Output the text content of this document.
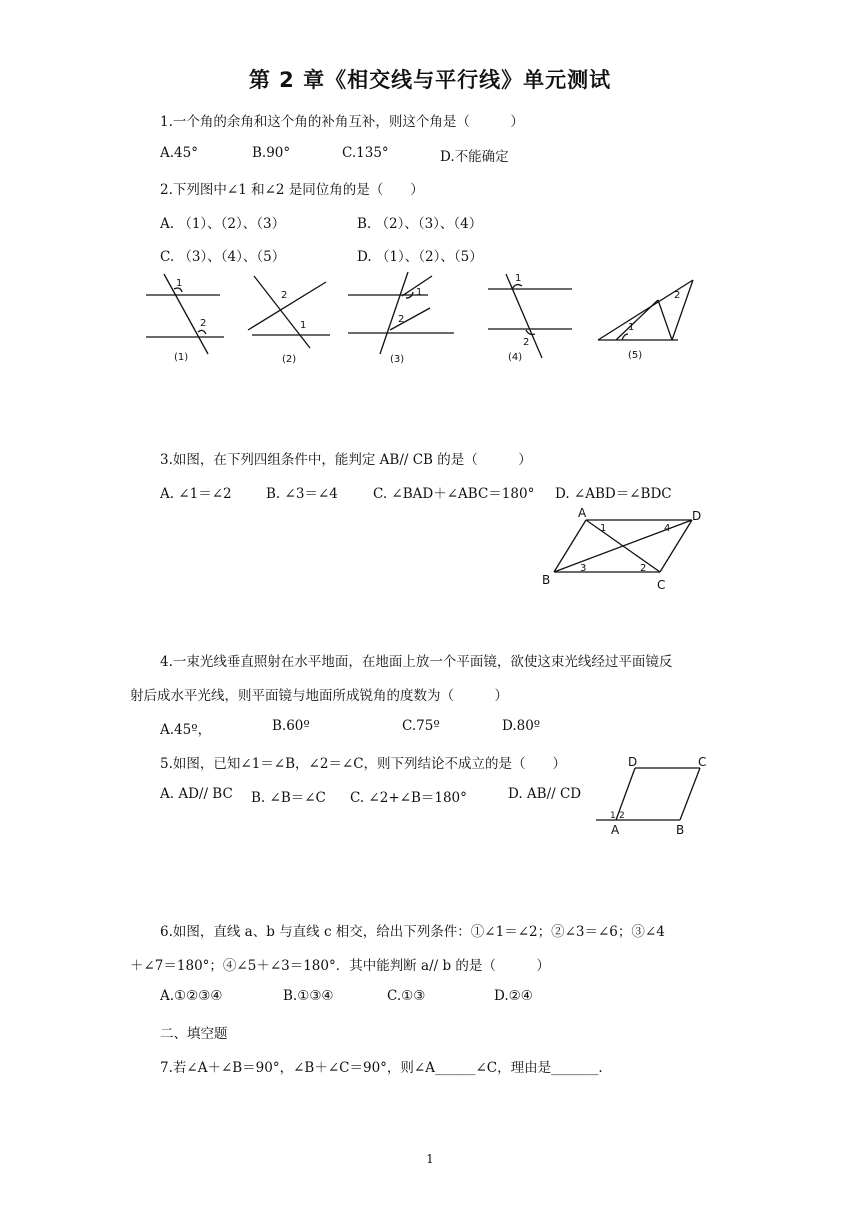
第 2 章《相交线与平行线》单元测试
1.一个角的余角和这个角的补角互补，则这个角是（　　　）
A.45°	B.90°	C.135°	D.不能确定
2.下列图中∠1 和∠2 是同位角的是（　　）
A. （1）、（2）、（3）	B. （2）、（3）、（4）
C. （3）、（4）、（5）	D. （1）、（2）、（5）
1
2
2
1
1
2
1
2
1
2
(1)	(2)	(3)	(4)	(5)
3.如图，在下列四组条件中，能判定 AB// CB 的是（　　　）
A. ∠1＝∠2	B. ∠3＝∠4	C. ∠BAD＋∠ABC＝180° D. ∠ABD＝∠BDC
A	D
B	C
1	4
3	2
4.一束光线垂直照射在水平地面，在地面上放一个平面镜，欲使这束光线经过平面镜反
射后成水平光线，则平面镜与地面所成锐角的度数为（　　　）
A.45º，	B.60º	C.75º	D.80º
5.如图，已知∠1＝∠B，∠2＝∠C，则下列结论不成立的是（　　）
A. AD// BC B. ∠B＝∠C C. ∠2+∠B＝180°	D. AB// CD
D	C
A	B
1 2
6.如图，直线 a、b 与直线 c 相交，给出下列条件：①∠1＝∠2；②∠3＝∠6；③∠4
＋∠7＝180°；④∠5＋∠3＝180°．其中能判断 a// b 的是（　　　）
A.①②③④	B.①③④	C.①③	D.②④
二、填空题
7.若∠A＋∠B＝90°，∠B＋∠C＝90°，则∠A______∠C，理由是_______.
1
